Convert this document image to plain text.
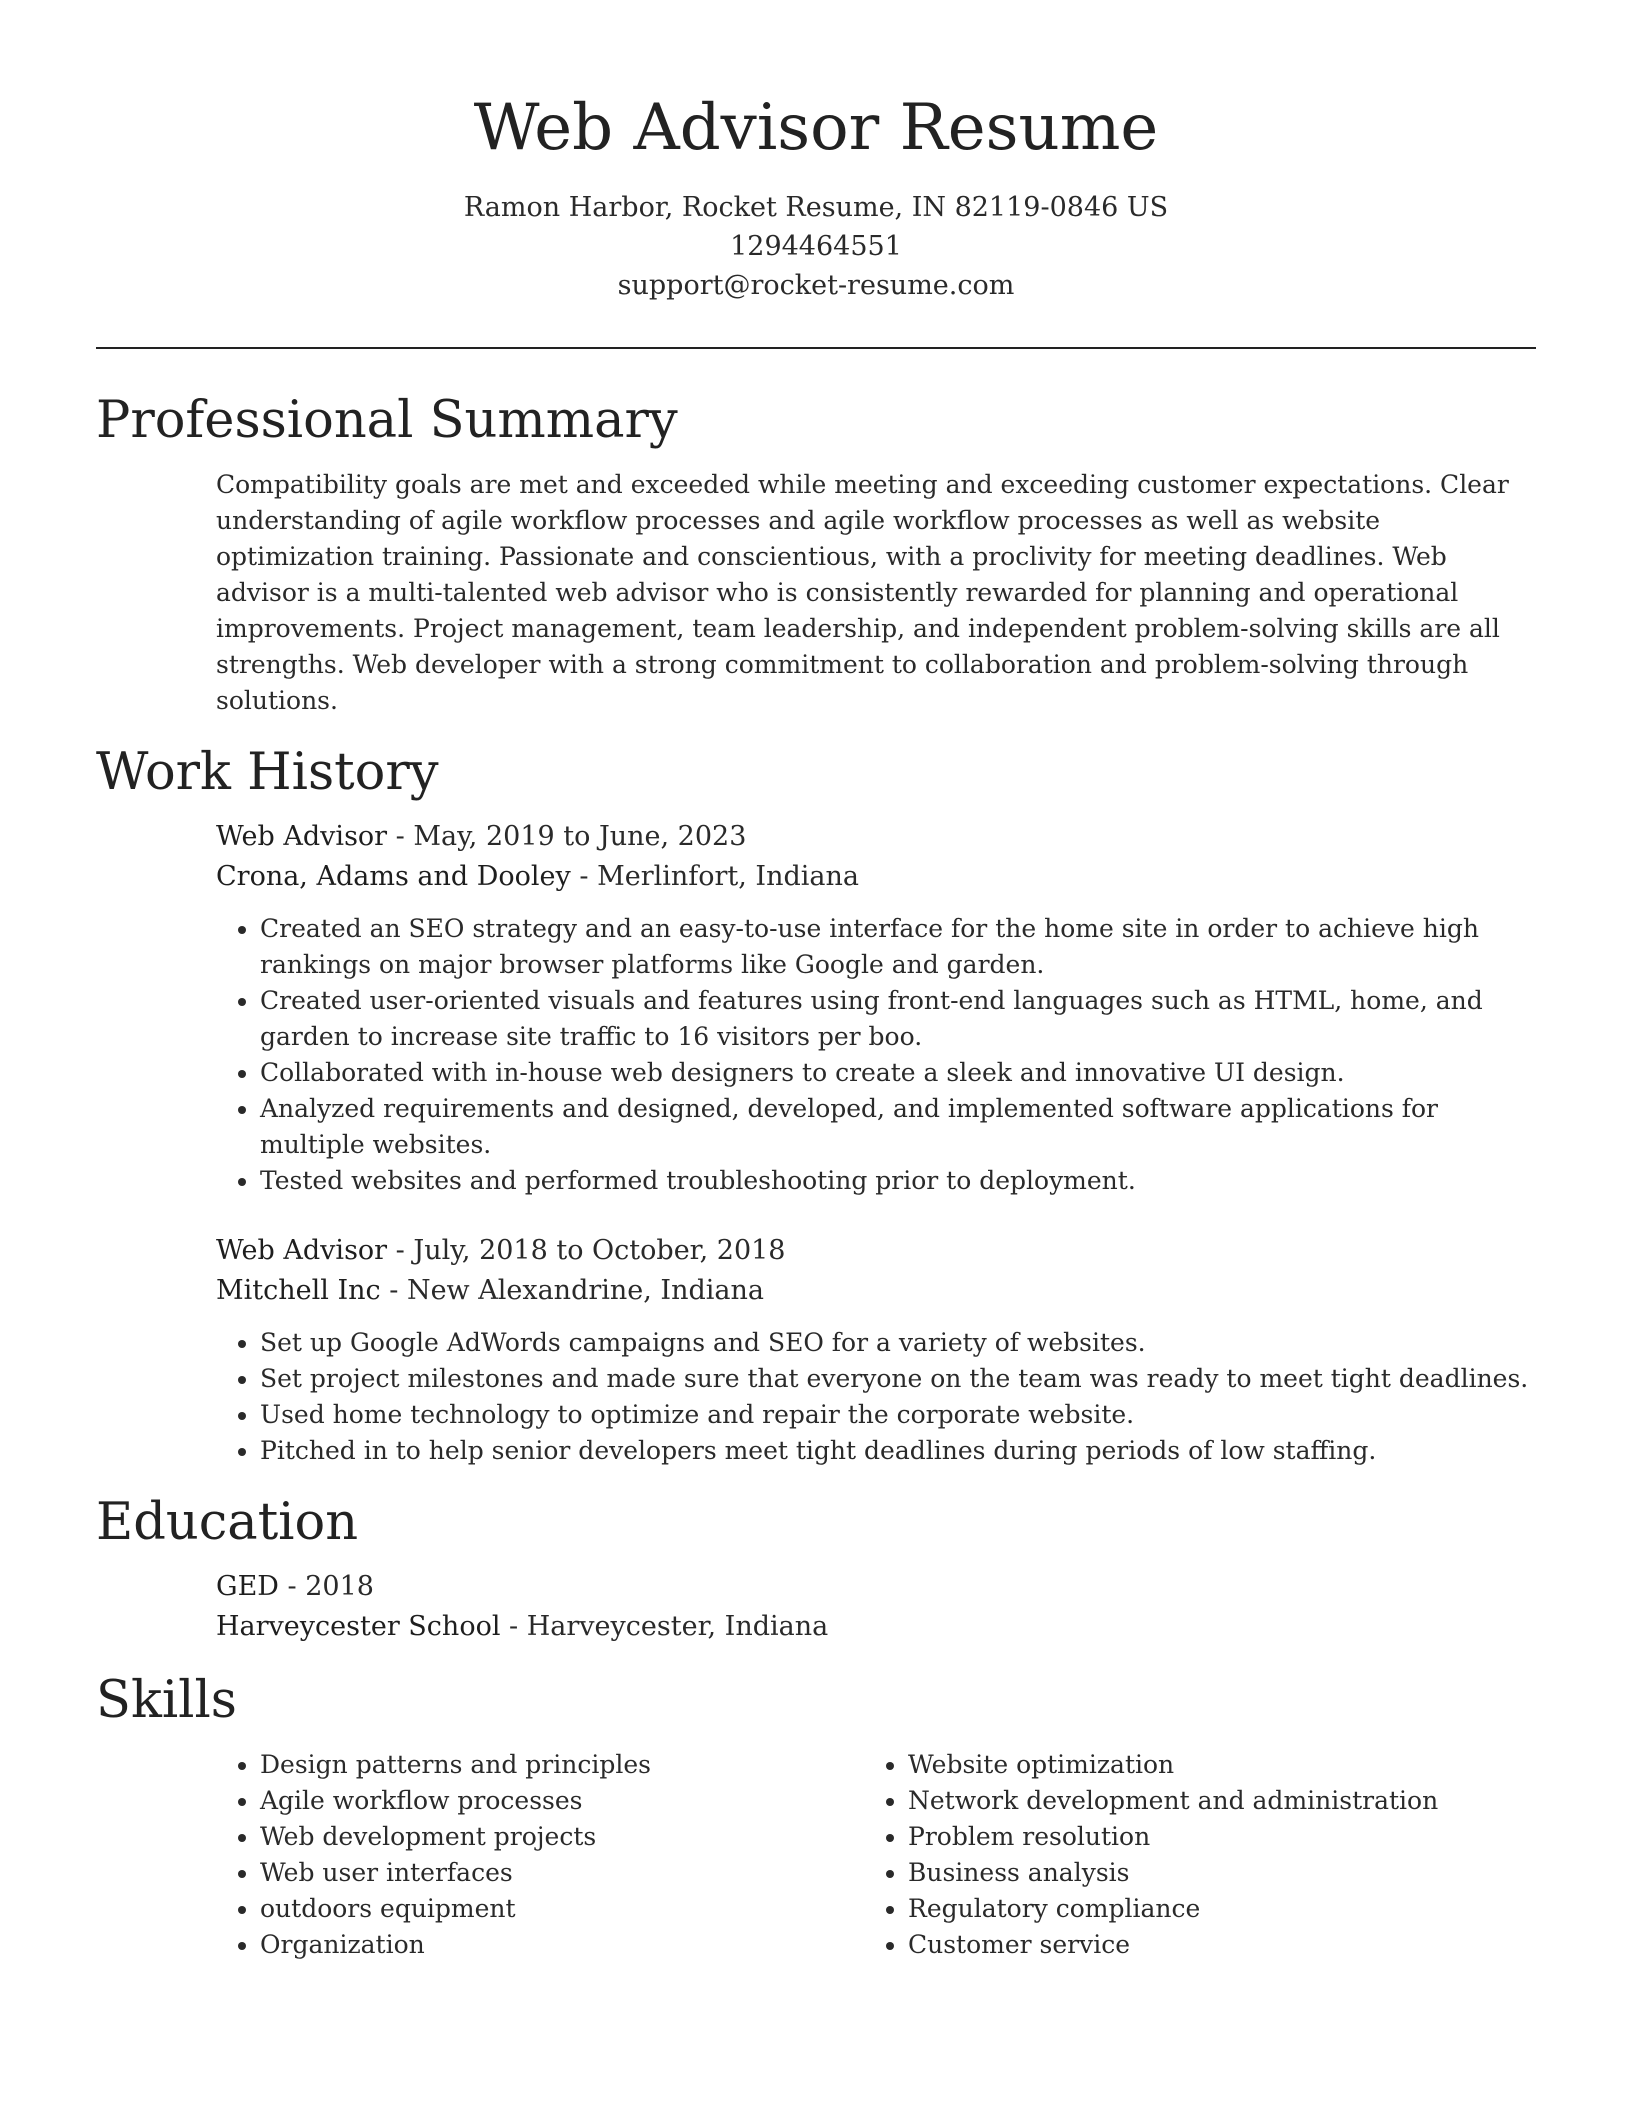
Web Advisor Resume
Ramon Harbor, Rocket Resume, IN 82119-0846 US
1294464551
support@rocket-resume.com
Professional Summary

Compatibility goals are met and exceeded while meeting and exceeding customer expectations. Clear understanding of agile workflow processes and agile workflow processes as well as website optimization training. Passionate and conscientious, with a proclivity for meeting deadlines. Web advisor is a multi-talented web advisor who is consistently rewarded for planning and operational improvements. Project management, team leadership, and independent problem-solving skills are all strengths. Web developer with a strong commitment to collaboration and problem-solving through solutions.

Work History
Web Advisor - May, 2019 to June, 2023
Crona, Adams and Dooley - Merlinfort, Indiana
• Created an SEO strategy and an easy-to-use interface for the home site in order to achieve high rankings on major browser platforms like Google and garden.
• Created user-oriented visuals and features using front-end languages such as HTML, home, and garden to increase site traffic to 16 visitors per boo.
• Collaborated with in-house web designers to create a sleek and innovative UI design.
• Analyzed requirements and designed, developed, and implemented software applications for multiple websites.
• Tested websites and performed troubleshooting prior to deployment.
Web Advisor - July, 2018 to October, 2018
Mitchell Inc - New Alexandrine, Indiana
• Set up Google AdWords campaigns and SEO for a variety of websites.
• Set project milestones and made sure that everyone on the team was ready to meet tight deadlines.
• Used home technology to optimize and repair the corporate website.
• Pitched in to help senior developers meet tight deadlines during periods of low staffing.
Education
GED - 2018
Harveycester School - Harveycester, Indiana
Skills
• Design patterns and principles
• Agile workflow processes
• Web development projects
• Web user interfaces
• outdoors equipment
• Organization
• Website optimization
• Network development and administration
• Problem resolution
• Business analysis
• Regulatory compliance
• Customer service
